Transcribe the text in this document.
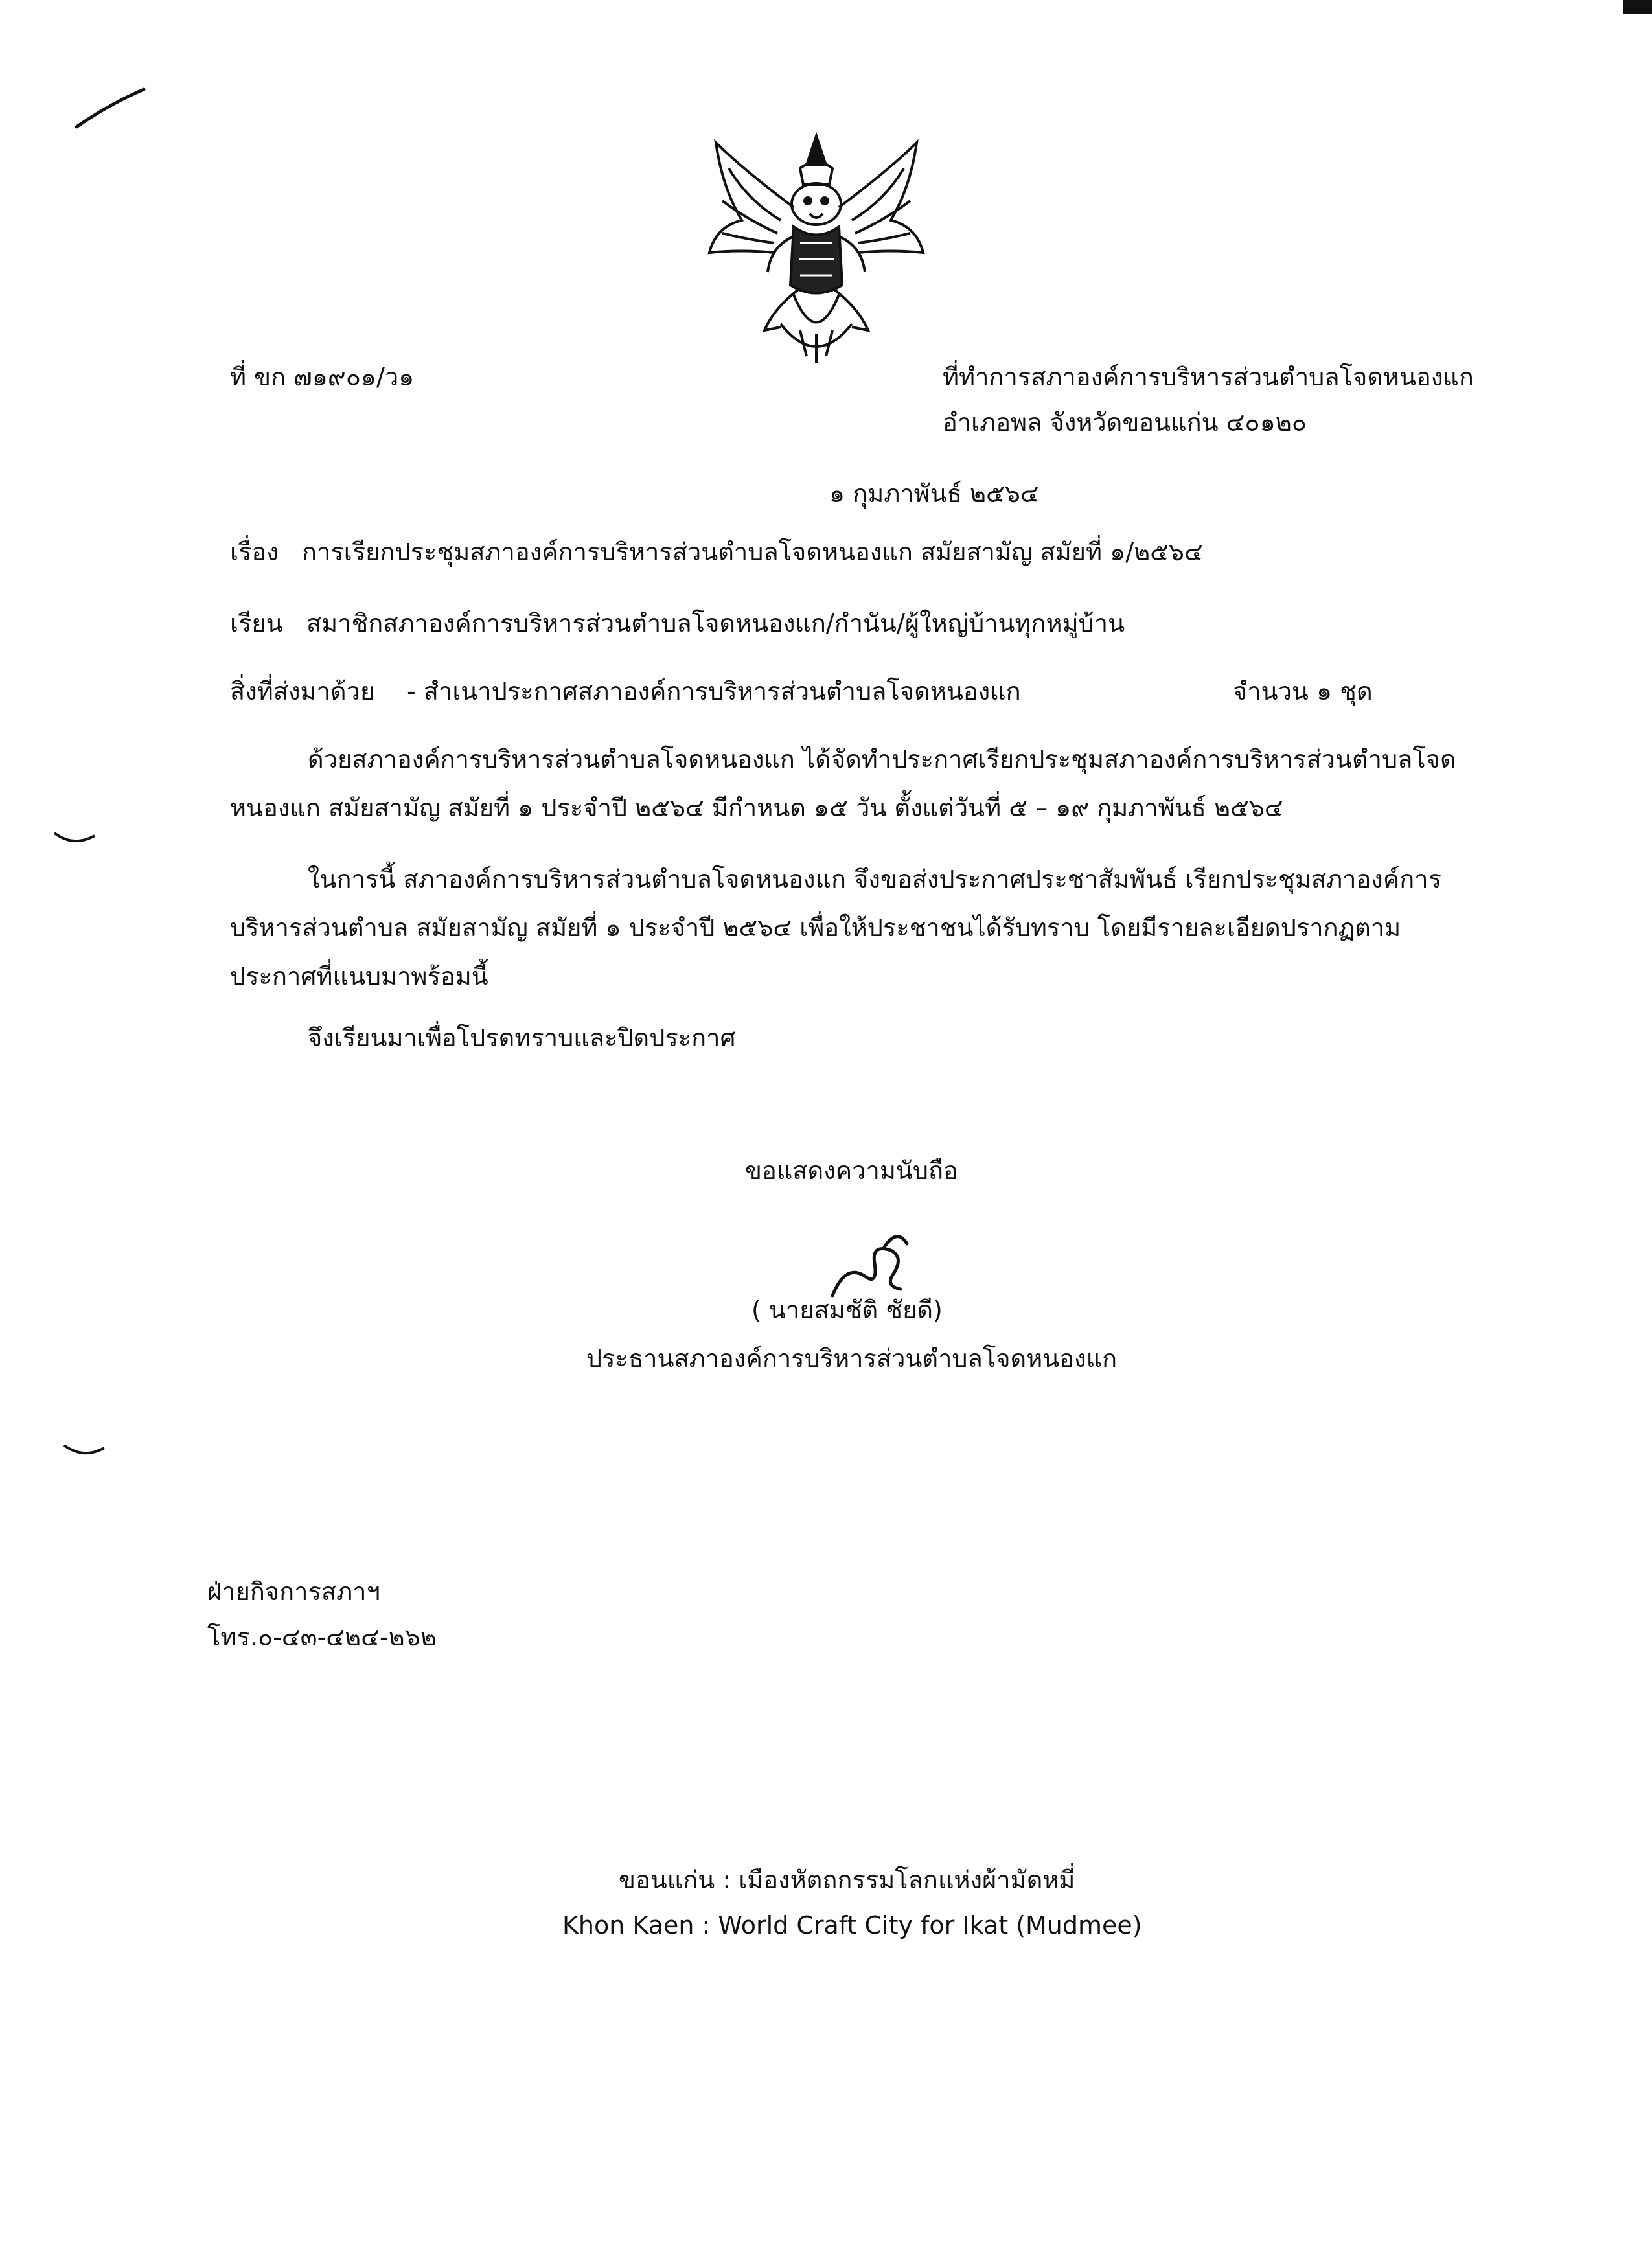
ที่ ขก ๗๑๙๐๑/ว๑	ที่ทำการสภาองค์การบริหารส่วนตำบลโจดหนองแก
อำเภอพล จังหวัดขอนแก่น ๔๐๑๒๐
๑ กุมภาพันธ์ ๒๕๖๔
เรื่อง การเรียกประชุมสภาองค์การบริหารส่วนตำบลโจดหนองแก สมัยสามัญ สมัยที่ ๑/๒๕๖๔
เรียน สมาชิกสภาองค์การบริหารส่วนตำบลโจดหนองแก/กำนัน/ผู้ใหญ่บ้านทุกหมู่บ้าน
สิ่งที่ส่งมาด้วย - สำเนาประกาศสภาองค์การบริหารส่วนตำบลโจดหนองแก	จำนวน ๑ ชุด
ด้วยสภาองค์การบริหารส่วนตำบลโจดหนองแก ได้จัดทำประกาศเรียกประชุมสภาองค์การบริหารส่วนตำบลโจด
หนองแก สมัยสามัญ สมัยที่ ๑ ประจำปี ๒๕๖๔ มีกำหนด ๑๕ วัน ตั้งแต่วันที่ ๕ – ๑๙ กุมภาพันธ์ ๒๕๖๔
ในการนี้ สภาองค์การบริหารส่วนตำบลโจดหนองแก จึงขอส่งประกาศประชาสัมพันธ์ เรียกประชุมสภาองค์การ
บริหารส่วนตำบล สมัยสามัญ สมัยที่ ๑ ประจำปี ๒๕๖๔ เพื่อให้ประชาชนได้รับทราบ โดยมีรายละเอียดปรากฏตาม
ประกาศที่แนบมาพร้อมนี้
จึงเรียนมาเพื่อโปรดทราบและปิดประกาศ
ขอแสดงความนับถือ
( นายสมชัติ ชัยดี)
ประธานสภาองค์การบริหารส่วนตำบลโจดหนองแก
ฝ่ายกิจการสภาฯ
โทร.๐-๔๓-๔๒๔-๒๖๒
ขอนแก่น : เมืองหัตถกรรมโลกแห่งผ้ามัดหมี่
Khon Kaen : World Craft City for Ikat (Mudmee)
